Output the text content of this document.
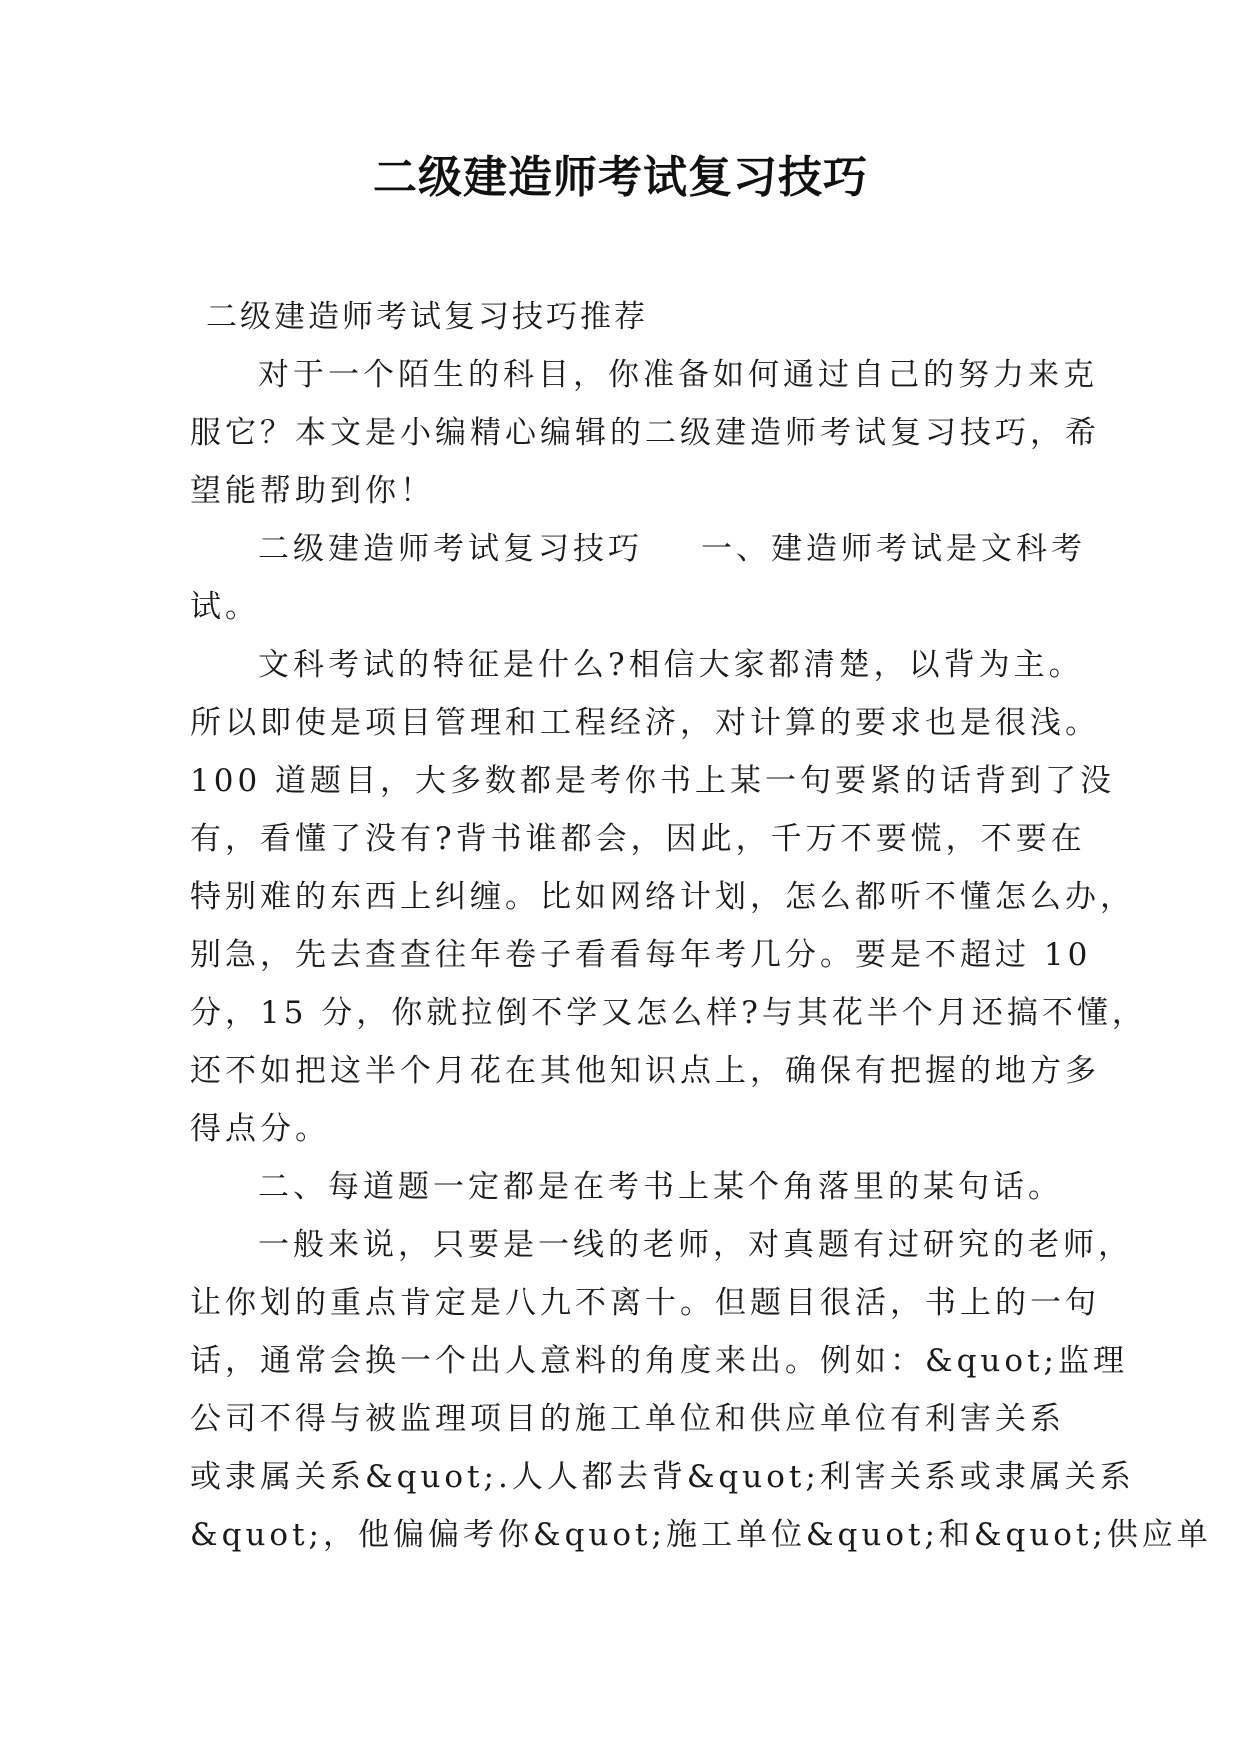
二级建造师考试复习技巧
二级建造师考试复习技巧推荐
对于一个陌生的科目，你准备如何通过自己的努力来克
服它？本文是小编精心编辑的二级建造师考试复习技巧，希
望能帮助到你！
二级建造师考试复习技巧 一、建造师考试是文科考
试。
文科考试的特征是什么?相信大家都清楚，以背为主。
所以即使是项目管理和工程经济，对计算的要求也是很浅。
100 道题目，大多数都是考你书上某一句要紧的话背到了没
有，看懂了没有?背书谁都会，因此，千万不要慌，不要在
特别难的东西上纠缠。比如网络计划，怎么都听不懂怎么办，
别急，先去查查往年卷子看看每年考几分。要是不超过 10
分，15 分，你就拉倒不学又怎么样?与其花半个月还搞不懂，
还不如把这半个月花在其他知识点上，确保有把握的地方多
得点分。
二、每道题一定都是在考书上某个角落里的某句话。
一般来说，只要是一线的老师，对真题有过研究的老师，
让你划的重点肯定是八九不离十。但题目很活，书上的一句
话，通常会换一个出人意料的角度来出。例如：&quot;监理
公司不得与被监理项目的施工单位和供应单位有利害关系
或隶属关系&quot;.人人都去背&quot;利害关系或隶属关系
&quot;，他偏偏考你&quot;施工单位&quot;和&quot;供应单
